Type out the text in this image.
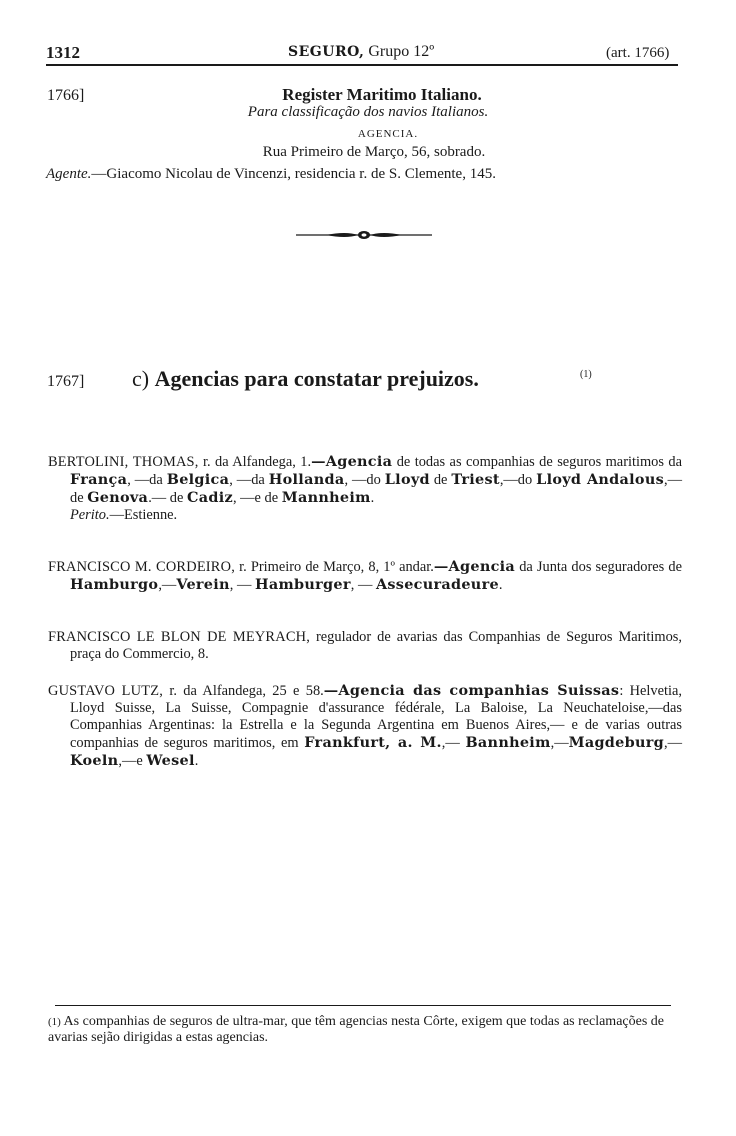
1312	SEGURO, Grupo 12º	(art. 1766)
1766]	Register Maritimo Italiano.
Para classificação dos navios Italianos.
AGENCIA.
Rua Primeiro de Março, 56, sobrado.
Agente.—Giacomo Nicolau de Vincenzi, residencia r. de S. Clemente, 145.
1767] c) Agencias para constatar prejuizos.	(1)
BERTOLINI, THOMAS, r. da Alfandega, 1.—Agencia de todas as companhias de seguros maritimos da França, —da Belgica, —da Hollanda, —do Lloyd de Triest,—do Lloyd Andalous,—de Genova.— de Cadiz, —e de Mannheim.
Perito.—Estienne.
FRANCISCO M. CORDEIRO, r. Primeiro de Março, 8, 1º andar.—Agencia da Junta dos seguradores de Hamburgo,—Verein, — Hamburger, — Assecuradeure.
FRANCISCO LE BLON DE MEYRACH, regulador de avarias das Companhias de Seguros Maritimos, praça do Commercio, 8.
GUSTAVO LUTZ, r. da Alfandega, 25 e 58.—Agencia das companhias Suissas: Helvetia, Lloyd Suisse, La Suisse, Compagnie d'assurance fédérale, La Baloise, La Neuchateloise,—das Companhias Argentinas: la Estrella e la Segunda Argentina em Buenos Aires,— e de varias outras companhias de seguros maritimos, em Frankfurt, a. M.,— Bannheim,—Magdeburg,—Koeln,—e Wesel.
(1) As companhias de seguros de ultra-mar, que têm agencias nesta Côrte, exigem que todas as reclamações de avarias sejão dirigidas a estas agencias.
